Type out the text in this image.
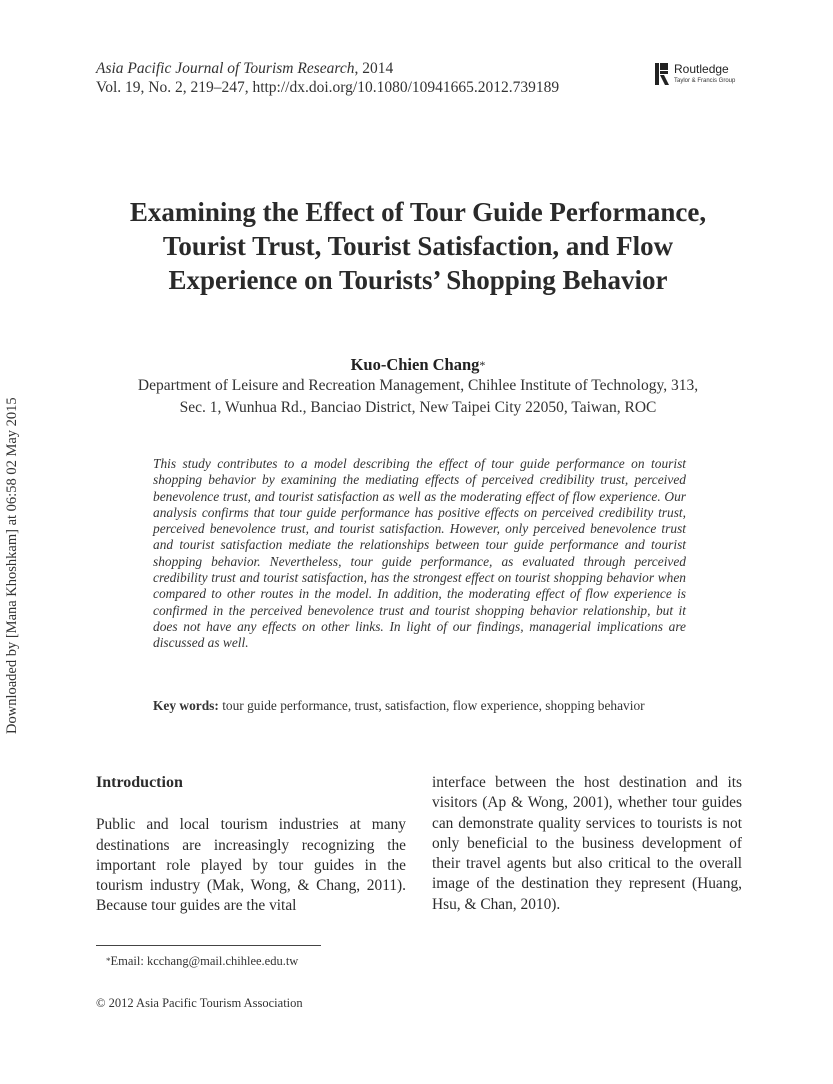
Asia Pacific Journal of Tourism Research, 2014
Vol. 19, No. 2, 219–247, http://dx.doi.org/10.1080/10941665.2012.739189
Routledge
Taylor & Francis Group
Downloaded by [Mana Khoshkam] at 06:58 02 May 2015
Examining the Effect of Tour Guide Performance,
Tourist Trust, Tourist Satisfaction, and Flow
Experience on Tourists’ Shopping Behavior
Kuo-Chien Chang*
Department of Leisure and Recreation Management, Chihlee Institute of Technology, 313,
Sec. 1, Wunhua Rd., Banciao District, New Taipei City 22050, Taiwan, ROC
This study contributes to a model describing the effect of tour guide performance on tourist shopping behavior by examining the mediating effects of perceived credibility trust, perceived benevolence trust, and tourist satisfaction as well as the moderating effect of flow experience. Our analysis confirms that tour guide performance has positive effects on perceived credibility trust, perceived benevolence trust, and tourist satisfaction. However, only perceived benevolence trust and tourist satisfaction mediate the relationships between tour guide performance and tourist shopping behavior. Nevertheless, tour guide performance, as evaluated through perceived credibility trust and tourist satisfaction, has the strongest effect on tourist shopping behavior when compared to other routes in the model. In addition, the moderating effect of flow experience is confirmed in the perceived benevolence trust and tourist shopping behavior relationship, but it does not have any effects on other links. In light of our findings, managerial implications are discussed as well.
Key words: tour guide performance, trust, satisfaction, flow experience, shopping behavior
Introduction

Public and local tourism industries at many destinations are increasingly recognizing the important role played by tour guides in the tourism industry (Mak, Wong, & Chang, 2011). Because tour guides are the vital

interface between the host destination and its visitors (Ap & Wong, 2001), whether tour guides can demonstrate quality services to tourists is not only beneficial to the business development of their travel agents but also critical to the overall image of the destination they represent (Huang, Hsu, & Chan, 2010).

*Email: kcchang@mail.chihlee.edu.tw
© 2012 Asia Pacific Tourism Association
